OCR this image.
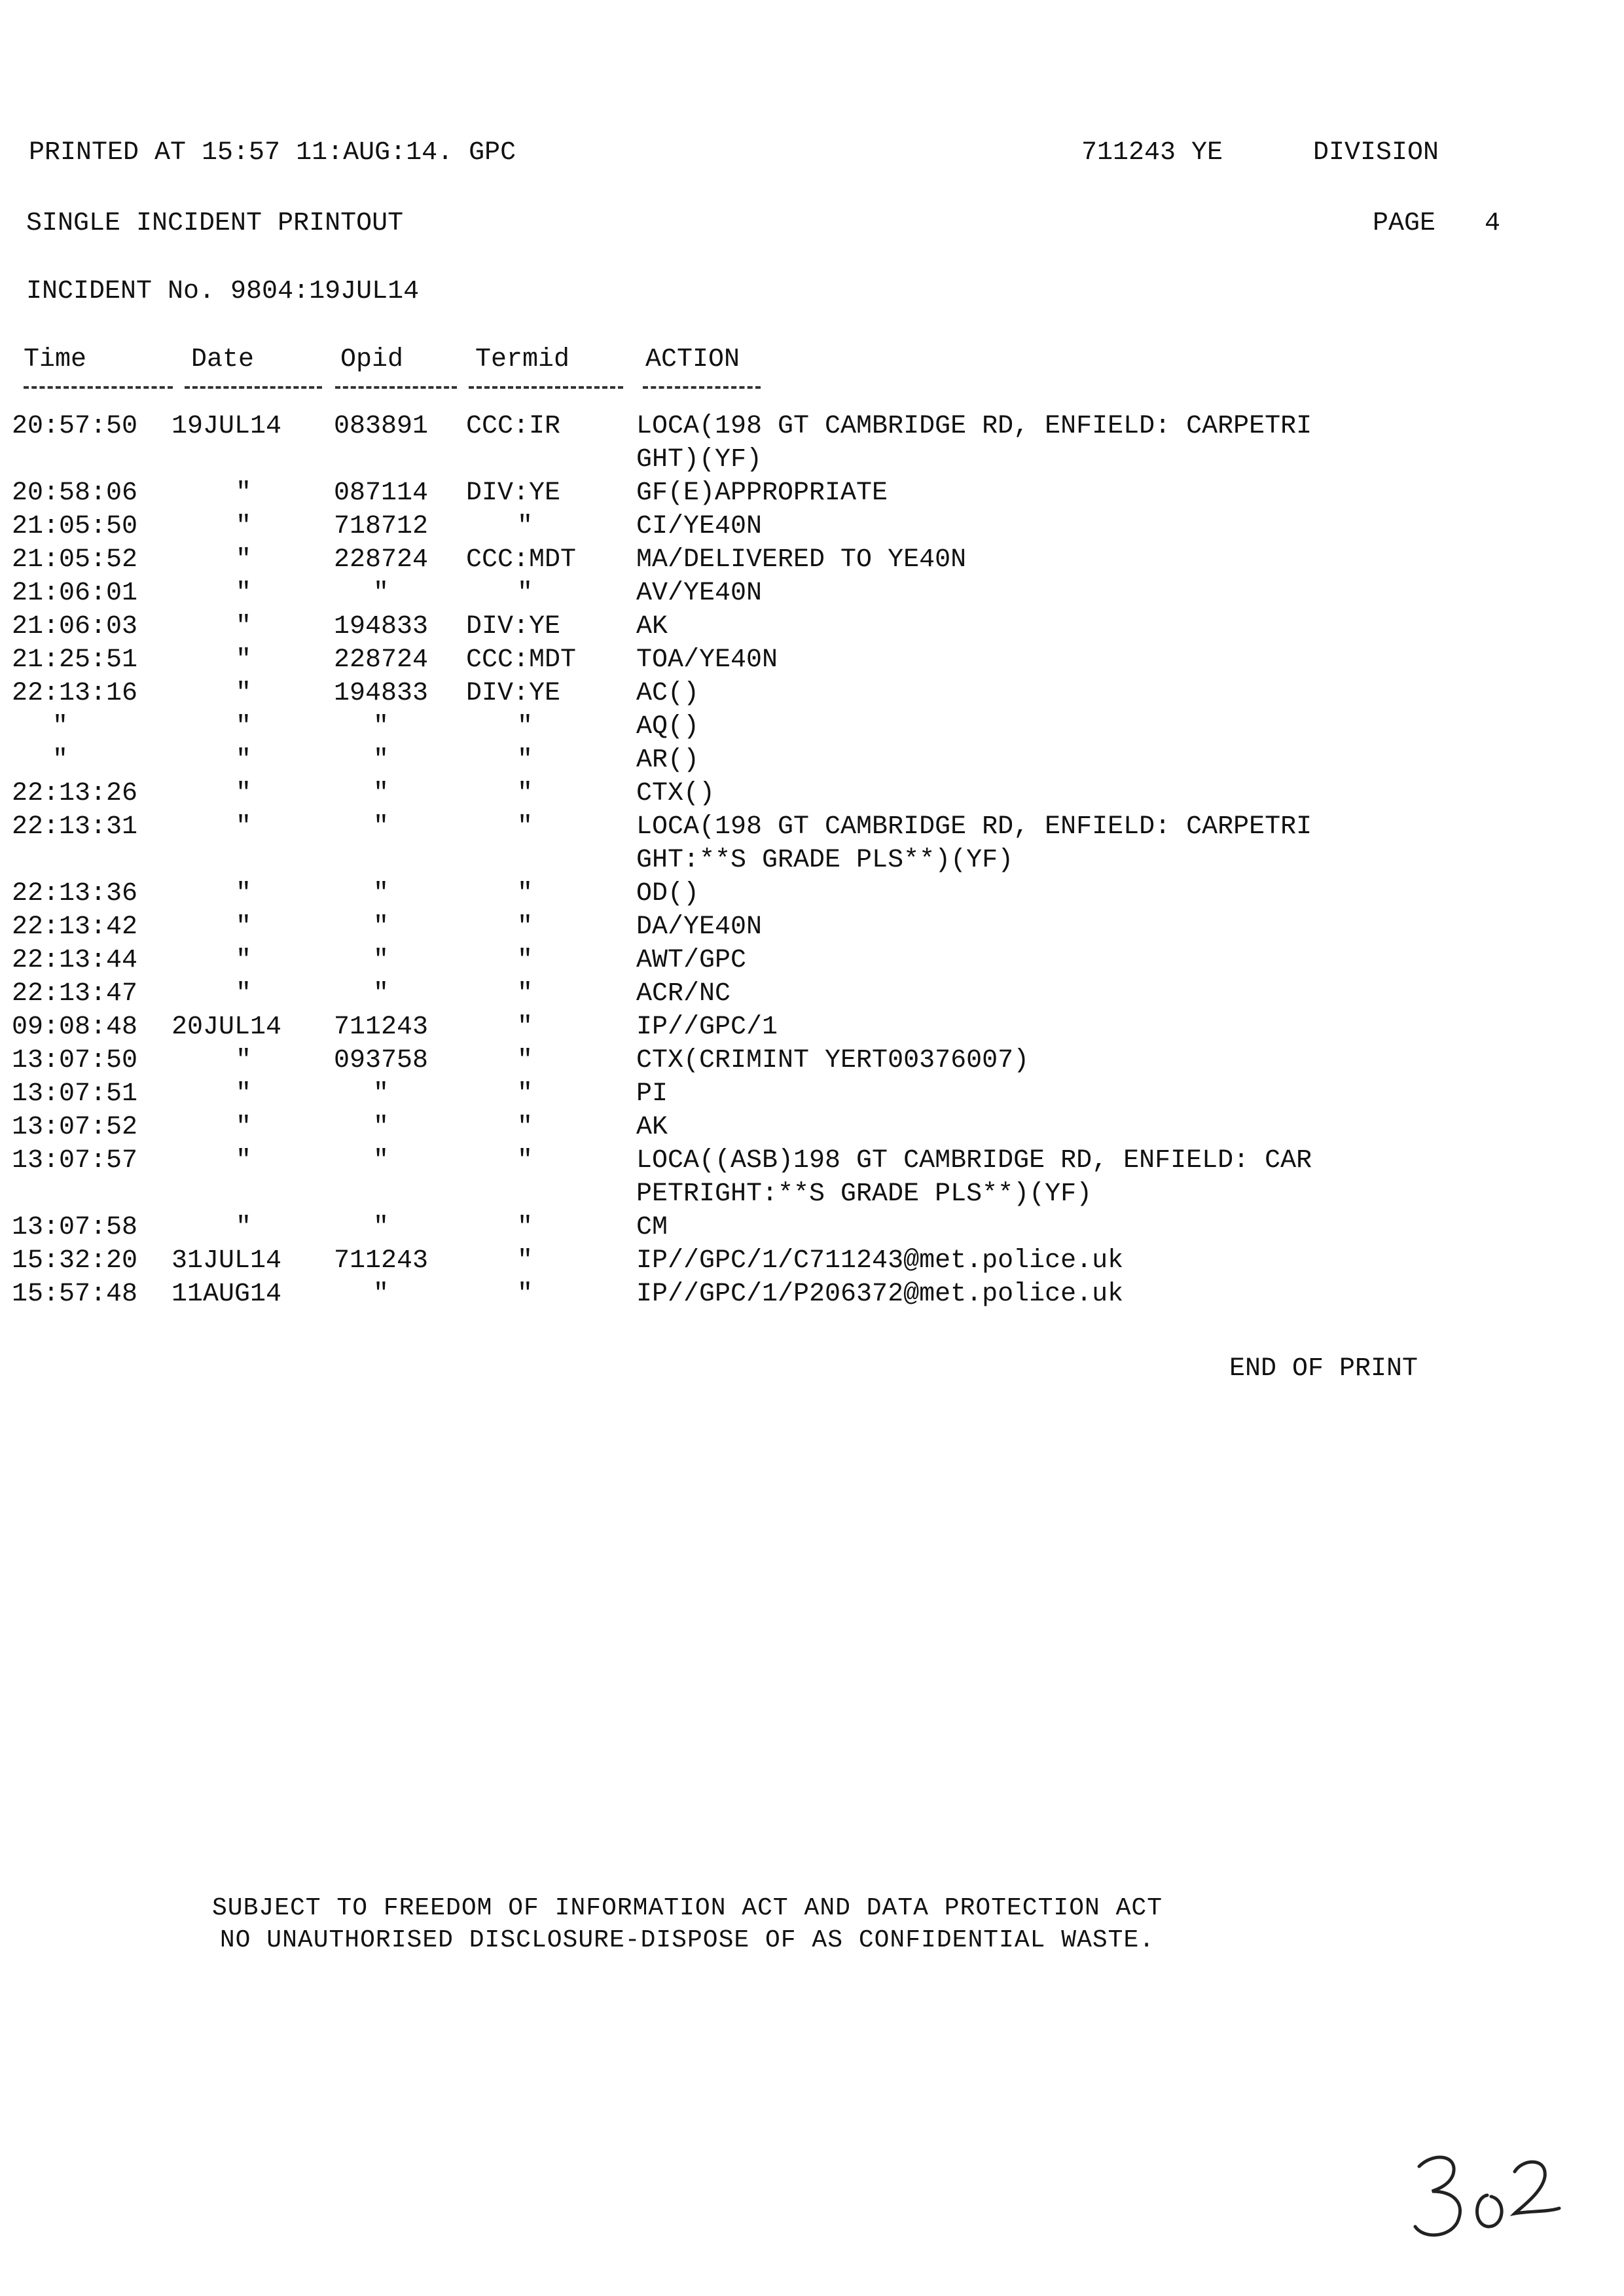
PRINTED AT 15:57 11:AUG:14. GPC	711243 YE	DIVISION
SINGLE INCIDENT PRINTOUT	PAGE 4
INCIDENT No. 9804:19JUL14
Time	Date	Opid	Termid	ACTION
20:57:50 19JUL14 083891 CCC:IR	LOCA(198 GT CAMBRIDGE RD, ENFIELD: CARPETRI
GHT)(YF)
20:58:06	"	087114 DIV:YE	GF(E)APPROPRIATE
21:05:50	"	718712	"	CI/YE40N
21:05:52	"	228724 CCC:MDT MA/DELIVERED TO YE40N
21:06:01	"	"	"	AV/YE40N
21:06:03	"	194833 DIV:YE	AK
21:25:51	"	228724 CCC:MDT TOA/YE40N
22:13:16	"	194833 DIV:YE	AC()
"	"	"	"	AQ()
"	"	"	"	AR()
22:13:26	"	"	"	CTX()
22:13:31	"	"	"	LOCA(198 GT CAMBRIDGE RD, ENFIELD: CARPETRI
GHT:**S GRADE PLS**)(YF)
22:13:36	"	"	"	OD()
22:13:42	"	"	"	DA/YE40N
22:13:44	"	"	"	AWT/GPC
22:13:47	"	"	"	ACR/NC
09:08:48 20JUL14 711243	"	IP//GPC/1
13:07:50	"	093758	"	CTX(CRIMINT YERT00376007)
13:07:51	"	"	"	PI
13:07:52	"	"	"	AK
13:07:57	"	"	"	LOCA((ASB)198 GT CAMBRIDGE RD, ENFIELD: CAR
PETRIGHT:**S GRADE PLS**)(YF)
13:07:58	"	"	"	CM
15:32:20 31JUL14 711243	"	IP//GPC/1/C711243@met.police.uk
15:57:48 11AUG14	"	"	IP//GPC/1/P206372@met.police.uk
END OF PRINT
SUBJECT TO FREEDOM OF INFORMATION ACT AND DATA PROTECTION ACT
NO UNAUTHORISED DISCLOSURE-DISPOSE OF AS CONFIDENTIAL WASTE.
